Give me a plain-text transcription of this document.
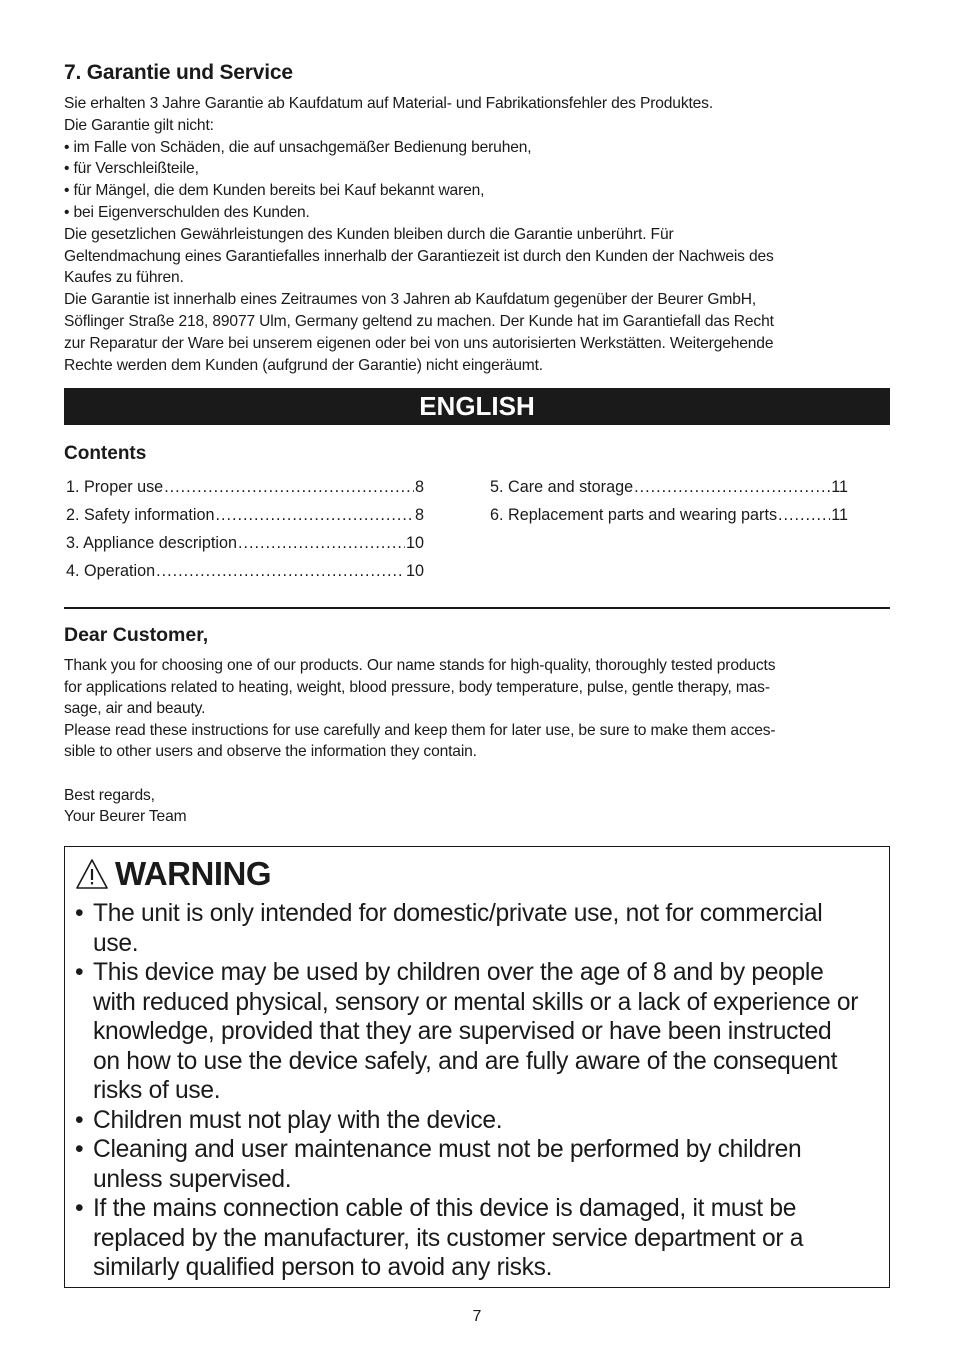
7. Garantie und Service

Sie erhalten 3 Jahre Garantie ab Kaufdatum auf Material- und Fabrikationsfehler des Produktes.

Die Garantie gilt nicht:

• im Falle von Schäden, die auf unsachgemäßer Bedienung beruhen,

• für Verschleißteile,

• für Mängel, die dem Kunden bereits bei Kauf bekannt waren,

• bei Eigenverschulden des Kunden.

Die gesetzlichen Gewährleistungen des Kunden bleiben durch die Garantie unberührt. Für

Geltendmachung eines Garantiefalles innerhalb der Garantiezeit ist durch den Kunden der Nachweis des

Kaufes zu führen.

Die Garantie ist innerhalb eines Zeitraumes von 3 Jahren ab Kaufdatum gegenüber der Beurer GmbH,

Söflinger Straße 218, 89077 Ulm, Germany geltend zu machen. Der Kunde hat im Garantiefall das Recht

zur Reparatur der Ware bei unserem eigenen oder bei von uns autorisierten Werkstätten. Weitergehende

Rechte werden dem Kunden (aufgrund der Garantie) nicht eingeräumt.

ENGLISH
Contents
1. Proper use .....	8
2. Safety information .....	8
3. Appliance description .....	10
4. Operation .....	10
5. Care and storage .....	11
6. Replacement parts and wearing parts .....	11
Dear Customer,

Thank you for choosing one of our products. Our name stands for high-quality, thoroughly tested products

for applications related to heating, weight, blood pressure, body temperature, pulse, gentle therapy, mas-

sage, air and beauty.

Please read these instructions for use carefully and keep them for later use, be sure to make them acces-

sible to other users and observe the information they contain.

Best regards,

Your Beurer Team

WARNING
• The unit is only intended for domestic/private use, not for commercial
use.
• This device may be used by children over the age of 8 and by people
with reduced physical, sensory or mental skills or a lack of experience or
knowledge, provided that they are supervised or have been instructed
on how to use the device safely, and are fully aware of the consequent
risks of use.
• Children must not play with the device.
• Cleaning and user maintenance must not be performed by children
unless supervised.
• If the mains connection cable of this device is damaged, it must be
replaced by the manufacturer, its customer service department or a
similarly qualified person to avoid any risks.
7
